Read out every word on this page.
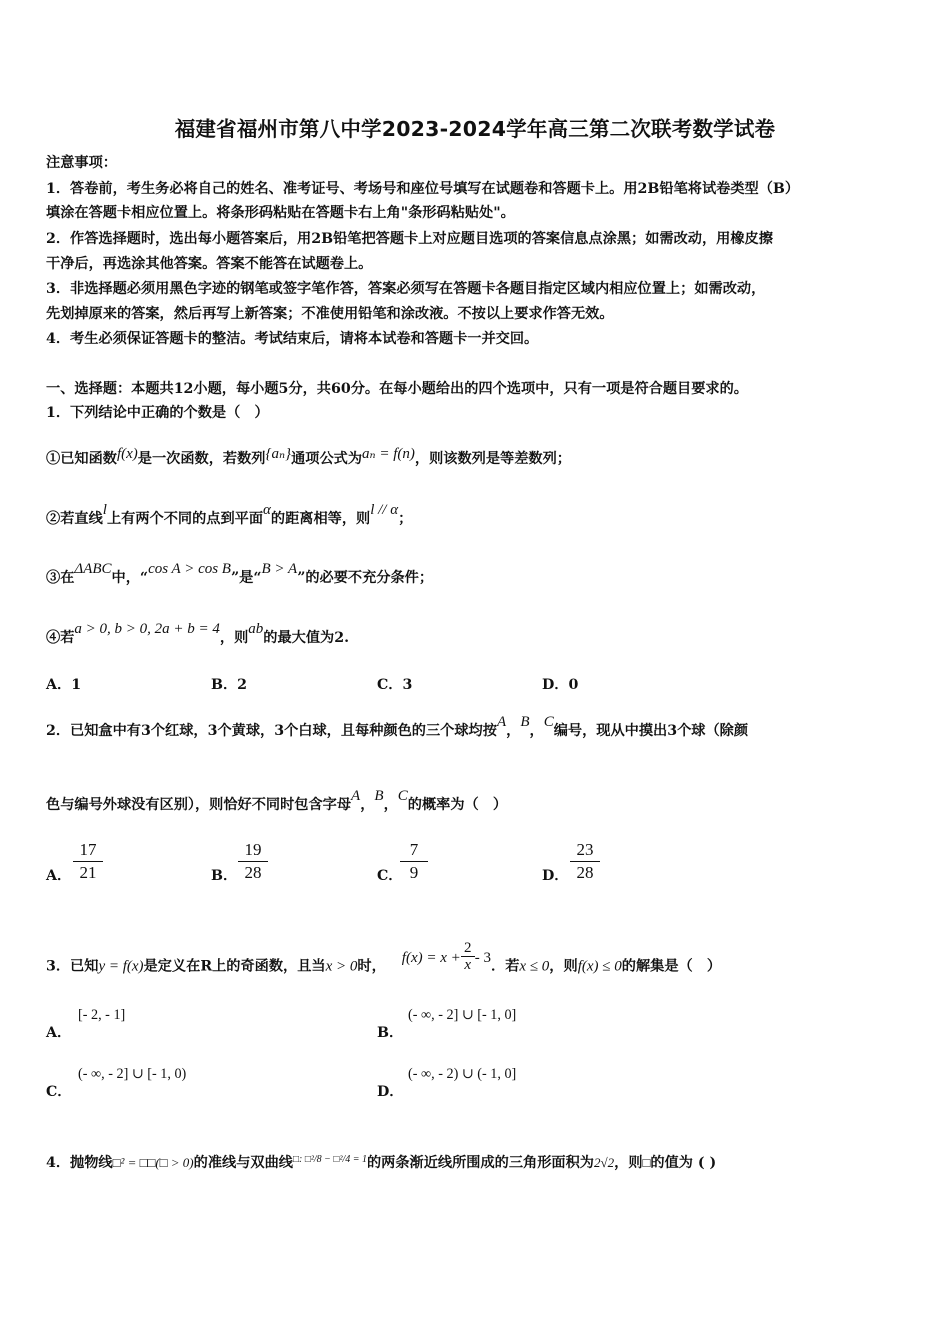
福建省福州市第八中学2023-2024学年高三第二次联考数学试卷
注意事项：
1．答卷前，考生务必将自己的姓名、准考证号、考场号和座位号填写在试题卷和答题卡上。用2B铅笔将试卷类型（B）
填涂在答题卡相应位置上。将条形码粘贴在答题卡右上角"条形码粘贴处"。
2．作答选择题时，选出每小题答案后，用2B铅笔把答题卡上对应题目选项的答案信息点涂黑；如需改动，用橡皮擦
干净后，再选涂其他答案。答案不能答在试题卷上。
3．非选择题必须用黑色字迹的钢笔或签字笔作答，答案必须写在答题卡各题目指定区域内相应位置上；如需改动，
先划掉原来的答案，然后再写上新答案；不准使用铅笔和涂改液。不按以上要求作答无效。
4．考生必须保证答题卡的整洁。考试结束后，请将本试卷和答题卡一并交回。
一、选择题：本题共12小题，每小题5分，共60分。在每小题给出的四个选项中，只有一项是符合题目要求的。
1．下列结论中正确的个数是（　）
①已知函数f(x)是一次函数，若数列{aₙ}通项公式为aₙ = f(n)，则该数列是等差数列；
②若直线l上有两个不同的点到平面α的距离相等，则l // α；
③在ΔABC中，“cos A > cos B”是“B > A”的必要不充分条件；
④若a > 0, b > 0, 2a + b = 4，则ab的最大值为2.
A．1	B．2	C．3	D．0
2．已知盒中有3个红球，3个黄球，3个白球，且每种颜色的三个球均按A，B，C编号，现从中摸出3个球（除颜
色与编号外球没有区别），则恰好不同时包含字母A，B，C的概率为（　）
A． $\frac{17}{21}$	B． $\frac{19}{28}$	C．
$\frac{7}{9}$	D． $\frac{23}{28}$
3．已知y = f(x)是定义在R上的奇函数，且当x > 0时，$f(x) = x + \frac{2}{x} - 3$．若x ≤ 0，则f(x) ≤ 0的解集是（　）
A．
[- 2, - 1]
B．
(- ∞, - 2] ∪ [- 1, 0]
C．
(- ∞, - 2] ∪ [- 1, 0)
D．
(- ∞, - 2) ∪ (- 1, 0]
4．抛物线□² = □□(□ > 0)的准线与双曲线$^{□: □^2/8 - □^2/4 = 1}$的两条渐近线所围成的三角形面积为2√2，则□的值为 ( )
